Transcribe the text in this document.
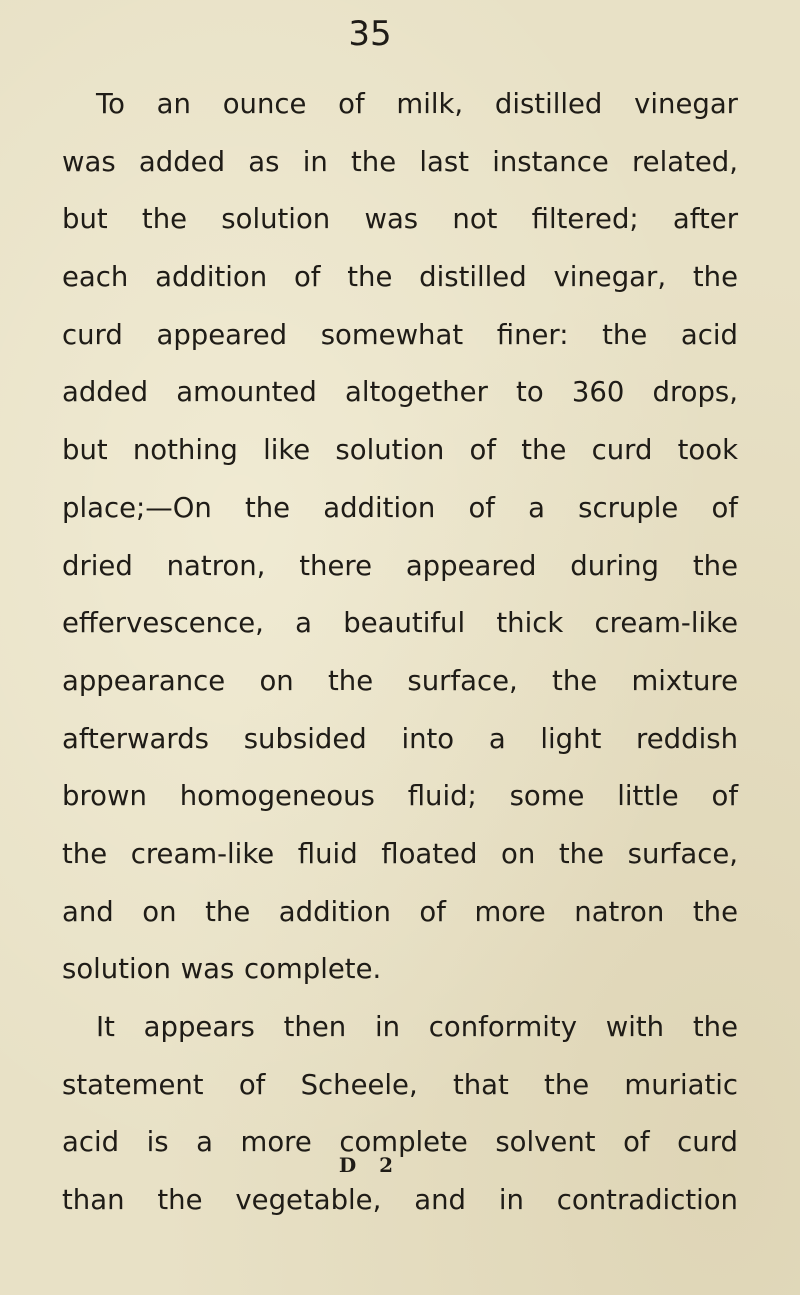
35
To an ounce of milk, distilled vinegar
was added as in the last instance related,
but the solution was not filtered; after
each addition of the distilled vinegar, the
curd appeared somewhat finer: the acid
added amounted altogether to 360 drops,
but nothing like solution of the curd took
place;—On the addition of a scruple of
dried natron, there appeared during the
effervescence, a beautiful thick cream-like
appearance on the surface, the mixture
afterwards subsided into a light reddish
brown homogeneous fluid; some little of
the cream-like fluid floated on the surface,
and on the addition of more natron the
solution was complete.
It appears then in conformity with the
statement of Scheele, that the muriatic
acid is a more complete solvent of curd
than the vegetable, and in contradiction
D 2
